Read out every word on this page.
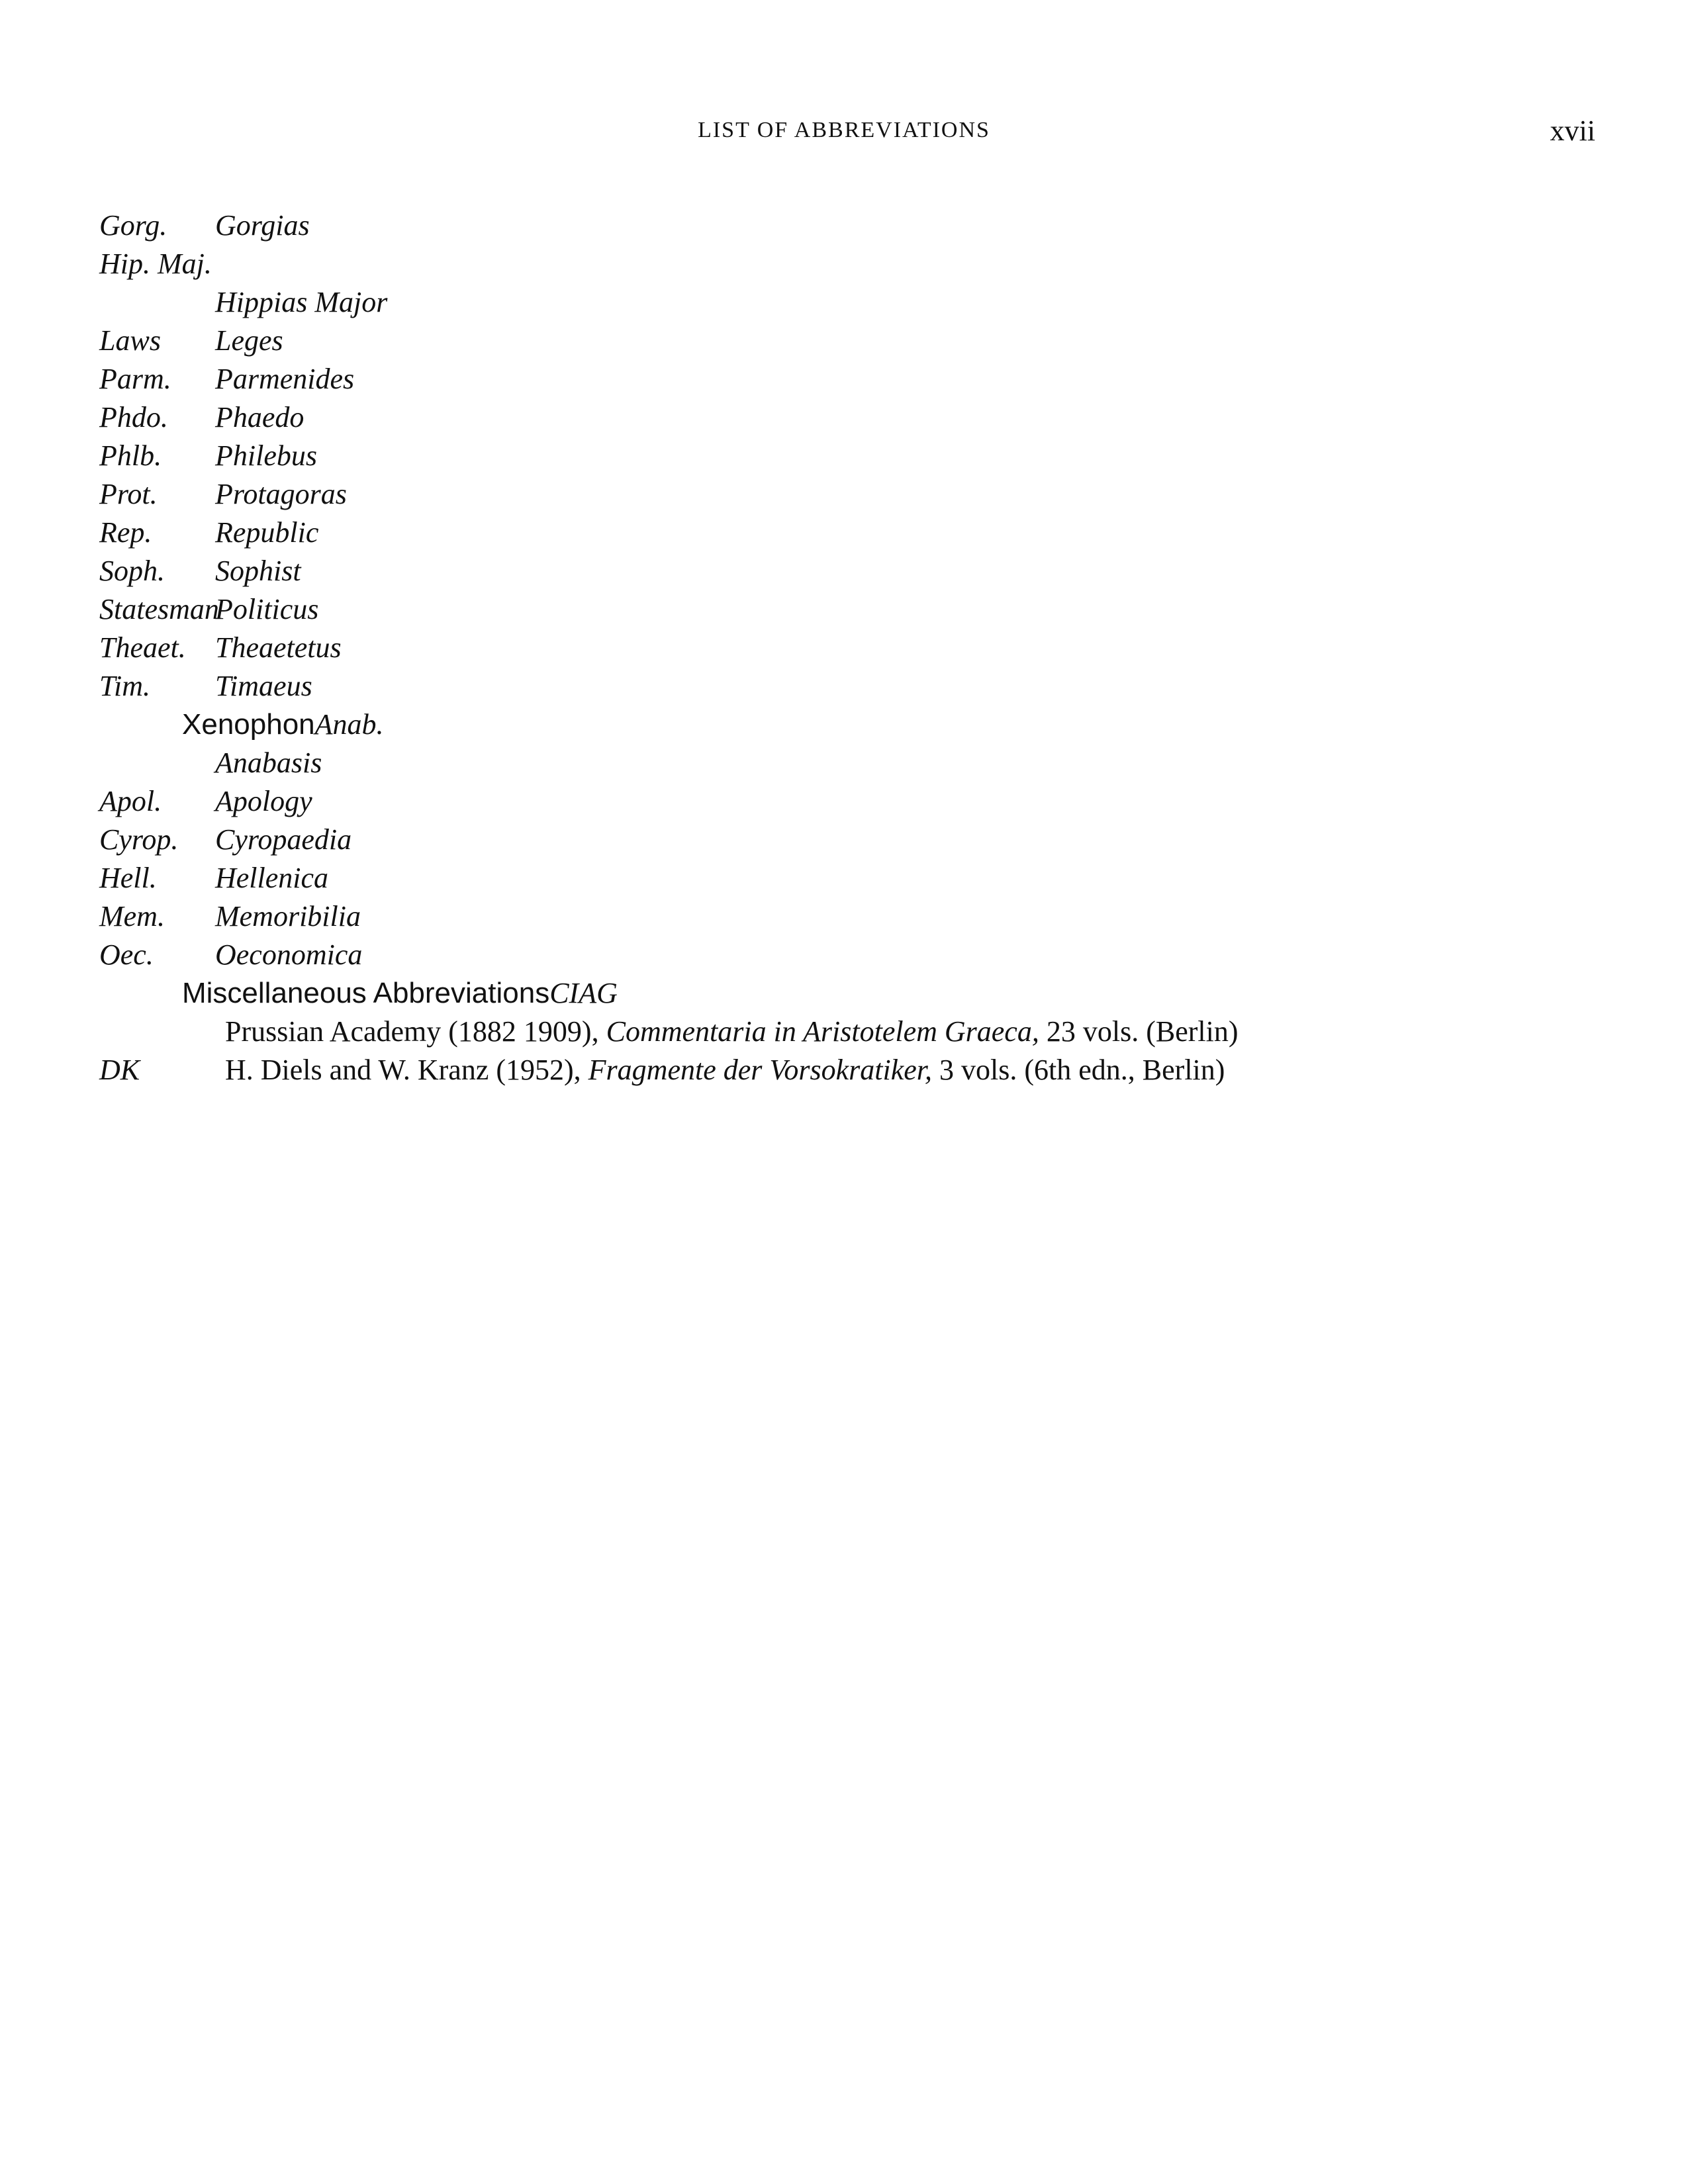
LIST OF ABBREVIATIONS	xvii
Gorg. Gorgias
Hip. Maj.
Hippias Major
Laws Leges
Parm. Parmenides
Phdo. Phaedo
Phlb. Philebus
Prot. Protagoras
Rep. Republic
Soph. Sophist
Statesman
Politicus
Theaet. Theaetetus
Tim. Timaeus
XenophonAnab.
Anabasis
Apol. Apology
Cyrop. Cyropaedia
Hell. Hellenica
Mem. Memoribilia
Oec. Oeconomica
Miscellaneous AbbreviationsCIAG
Prussian Academy (1882 1909), Commentaria in Aristotelem Graeca, 23 vols. (Berlin)
DK	H. Diels and W. Kranz (1952), Fragmente der Vorsokratiker, 3 vols. (6th edn., Berlin)
